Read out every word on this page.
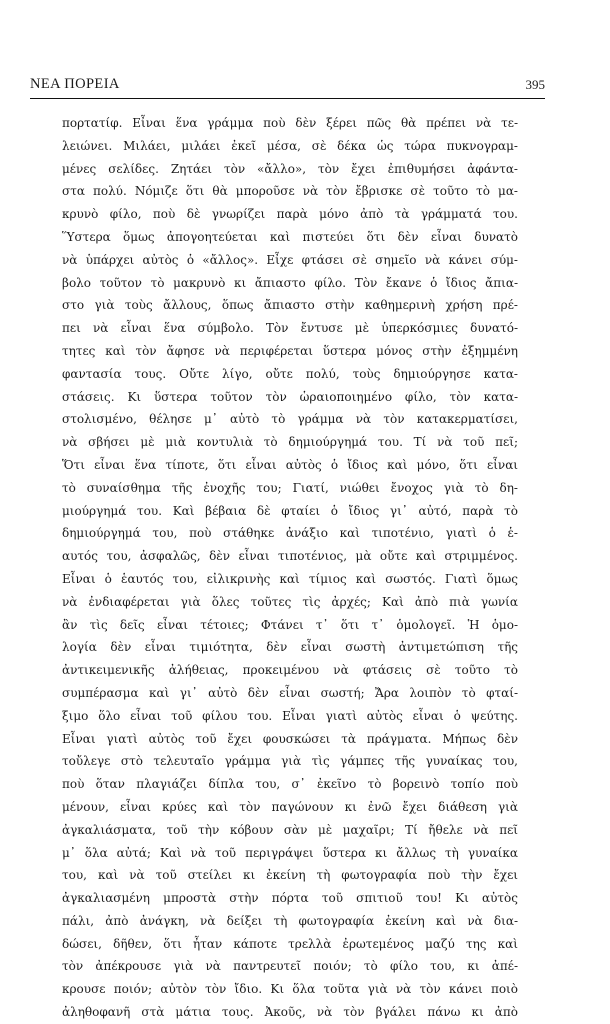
ΝΕΑ ΠΟΡΕΙΑ	395
πορτατίφ. Εἶναι ἕνα γράμμα ποὺ δὲν ξέρει πῶς θὰ πρέπει νὰ τε-
λειώνει. Μιλάει, μιλάει ἐκεῖ μέσα, σὲ δέκα ὡς τώρα πυκνογραμ-
μένες σελίδες. Ζητάει τὸν «ἄλλο», τὸν ἔχει ἐπιθυμήσει ἀφάντα-
στα πολύ. Νόμιζε ὅτι θὰ μποροῦσε νὰ τὸν ἔβρισκε σὲ τοῦτο τὸ μα-
κρυνὸ φίλο, ποὺ δὲ γνωρίζει παρὰ μόνο ἀπὸ τὰ γράμματά του.
Ὕστερα ὅμως ἀπογοητεύεται καὶ πιστεύει ὅτι δὲν εἶναι δυνατὸ
νὰ ὑπάρχει αὐτὸς ὁ «ἄλλος». Εἶχε φτάσει σὲ σημεῖο νὰ κάνει σύμ-
βολο τοῦτον τὸ μακρυνὸ κι ἄπιαστο φίλο. Τὸν ἔκανε ὁ ἴδιος ἄπια-
στο γιὰ τοὺς ἄλλους, ὅπως ἄπιαστο στὴν καθημερινὴ χρήση πρέ-
πει νὰ εἶναι ἕνα σύμβολο. Τὸν ἔντυσε μὲ ὑπερκόσμιες δυνατό-
τητες καὶ τὸν ἄφησε νὰ περιφέρεται ὕστερα μόνος στὴν ἐξημμένη
φαντασία τους. Οὔτε λίγο, οὔτε πολύ, τοὺς δημιούργησε κατα-
στάσεις. Κι ὕστερα τοῦτον τὸν ὡραιοποιημένο φίλο, τὸν κατα-
στολισμένο, θέλησε μ᾿ αὐτὸ τὸ γράμμα νὰ τὸν κατακερματίσει,
νὰ σβήσει μὲ μιὰ κοντυλιὰ τὸ δημιούργημά του. Τί νὰ τοῦ πεῖ;
Ὅτι εἶναι ἕνα τίποτε, ὅτι εἶναι αὐτὸς ὁ ἴδιος καὶ μόνο, ὅτι εἶναι
τὸ συναίσθημα τῆς ἐνοχῆς του; Γιατί, νιώθει ἔνοχος γιὰ τὸ δη-
μιούργημά του. Καὶ βέβαια δὲ φταίει ὁ ἴδιος γι᾿ αὐτό, παρὰ τὸ
δημιούργημά του, ποὺ στάθηκε ἀνάξιο καὶ τιποτένιο, γιατὶ ὁ ἑ-
αυτός του, ἀσφαλῶς, δὲν εἶναι τιποτένιος, μὰ οὔτε καὶ στριμμένος.
Εἶναι ὁ ἑαυτός του, εἰλικρινὴς καὶ τίμιος καὶ σωστός. Γιατὶ ὅμως
νὰ ἐνδιαφέρεται γιὰ ὅλες τοῦτες τὶς ἀρχές; Καὶ ἀπὸ πιὰ γωνία
ἂν τὶς δεῖς εἶναι τέτοιες; Φτάνει τ᾿ ὅτι τ᾿ ὁμολογεῖ. Ἡ ὁμο-
λογία δὲν εἶναι τιμιότητα, δὲν εἶναι σωστὴ ἀντιμετώπιση τῆς
ἀντικειμενικῆς ἀλήθειας, προκειμένου νὰ φτάσεις σὲ τοῦτο τὸ
συμπέρασμα καὶ γι᾿ αὐτὸ δὲν εἶναι σωστή; Ἄρα λοιπὸν τὸ φταί-
ξιμο ὅλο εἶναι τοῦ φίλου του. Εἶναι γιατὶ αὐτὸς εἶναι ὁ ψεύτης.
Εἶναι γιατὶ αὐτὸς τοῦ ἔχει φουσκώσει τὰ πράγματα. Μήπως δὲν
τοὔλεγε στὸ τελευταῖο γράμμα γιὰ τὶς γάμπες τῆς γυναίκας του,
ποὺ ὅταν πλαγιάζει δίπλα του, σ᾿ ἐκεῖνο τὸ βορεινὸ τοπίο ποὺ
μένουν, εἶναι κρύες καὶ τὸν παγώνουν κι ἐνῶ ἔχει διάθεση γιὰ
ἀγκαλιάσματα, τοῦ τὴν κόβουν σὰν μὲ μαχαῖρι; Τί ἤθελε νὰ πεῖ
μ᾿ ὅλα αὐτά; Καὶ νὰ τοῦ περιγράψει ὕστερα κι ἄλλως τὴ γυναίκα
του, καὶ νὰ τοῦ στείλει κι ἐκείνη τὴ φωτογραφία ποὺ τὴν ἔχει
ἀγκαλιασμένη μπροστὰ στὴν πόρτα τοῦ σπιτιοῦ του! Κι αὐτὸς
πάλι, ἀπὸ ἀνάγκη, νὰ δείξει τὴ φωτογραφία ἐκείνη καὶ νὰ δια-
δώσει, δῆθεν, ὅτι ἦταν κάποτε τρελλὰ ἐρωτεμένος μαζύ της καὶ
τὸν ἀπέκρουσε γιὰ νὰ παντρευτεῖ ποιόν; τὸ φίλο του, κι ἀπέ-
κρουσε ποιόν; αὐτὸν τὸν ἴδιο. Κι ὅλα τοῦτα γιὰ νὰ τὸν κάνει ποιὸ
ἀληθοφανῆ στὰ μάτια τους. Ἀκοῦς, νὰ τὸν βγάλει πάνω κι ἀπὸ
